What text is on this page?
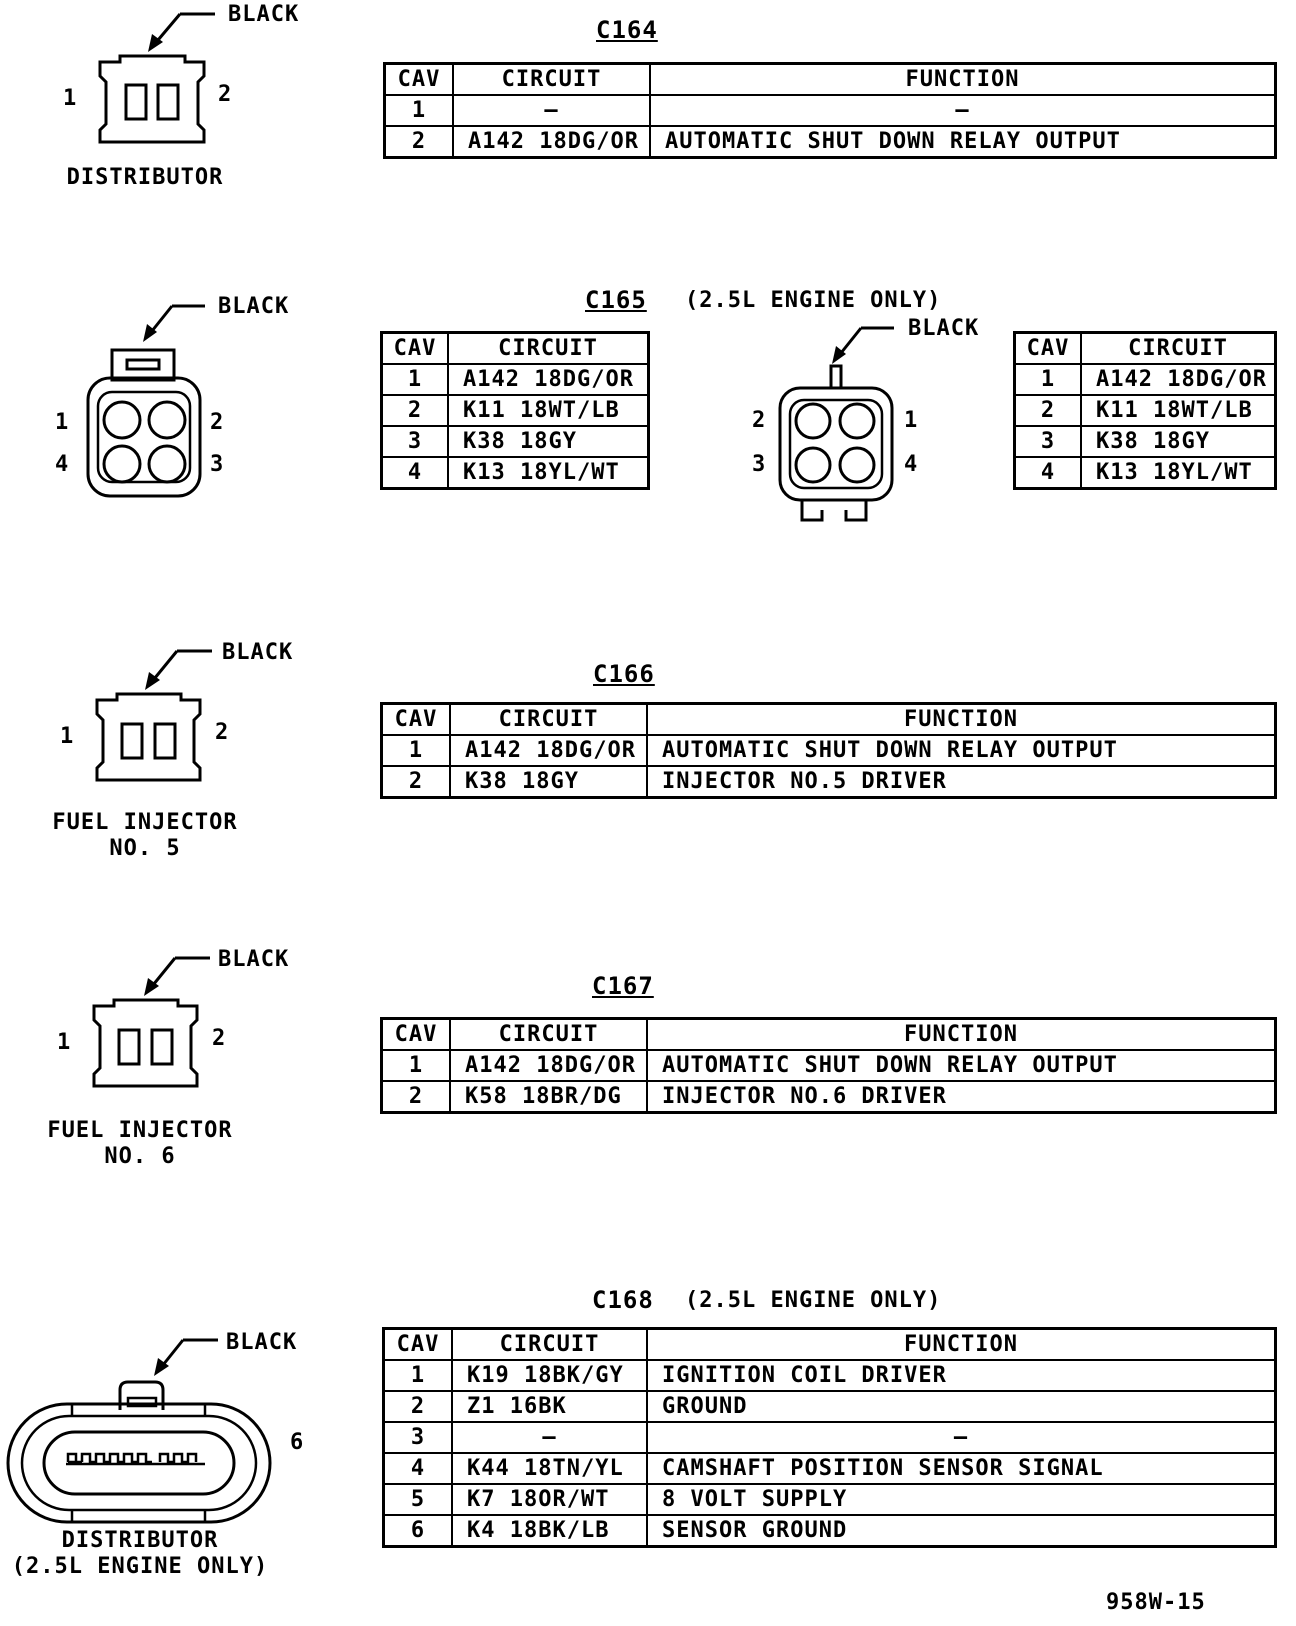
BLACK
1	2
DISTRIBUTOR
C164
CAV	CIRCUIT	FUNCTION
1	–	–
2	A142 18DG/OR	AUTOMATIC SHUT DOWN RELAY OUTPUT
BLACK
BLACK
1	2
4	3
2	1
3	4
C165 (2.5L ENGINE ONLY)
CAV	CIRCUIT
1	A142 18DG/OR
2	K11 18WT/LB
3	K38 18GY
4	K13 18YL/WT
CAV	CIRCUIT
1	A142 18DG/OR
2	K11 18WT/LB
3	K38 18GY
4	K13 18YL/WT
BLACK
1	2
FUEL INJECTOR
NO. 5
C166
CAV	CIRCUIT	FUNCTION
1	A142 18DG/OR	AUTOMATIC SHUT DOWN RELAY OUTPUT
2	K38 18GY	INJECTOR NO.5 DRIVER
BLACK
1	2
FUEL INJECTOR
NO. 6
C167
CAV	CIRCUIT	FUNCTION
1	A142 18DG/OR	AUTOMATIC SHUT DOWN RELAY OUTPUT
2	K58 18BR/DG	INJECTOR NO.6 DRIVER
BLACK
6
DISTRIBUTOR
(2.5L ENGINE ONLY)
C168 (2.5L ENGINE ONLY)
CAV	CIRCUIT	FUNCTION
1	K19 18BK/GY	IGNITION COIL DRIVER
2	Z1 16BK	GROUND
3	–	–
4	K44 18TN/YL	CAMSHAFT POSITION SENSOR SIGNAL
5	K7 18OR/WT	8 VOLT SUPPLY
6	K4 18BK/LB	SENSOR GROUND
958W-15
